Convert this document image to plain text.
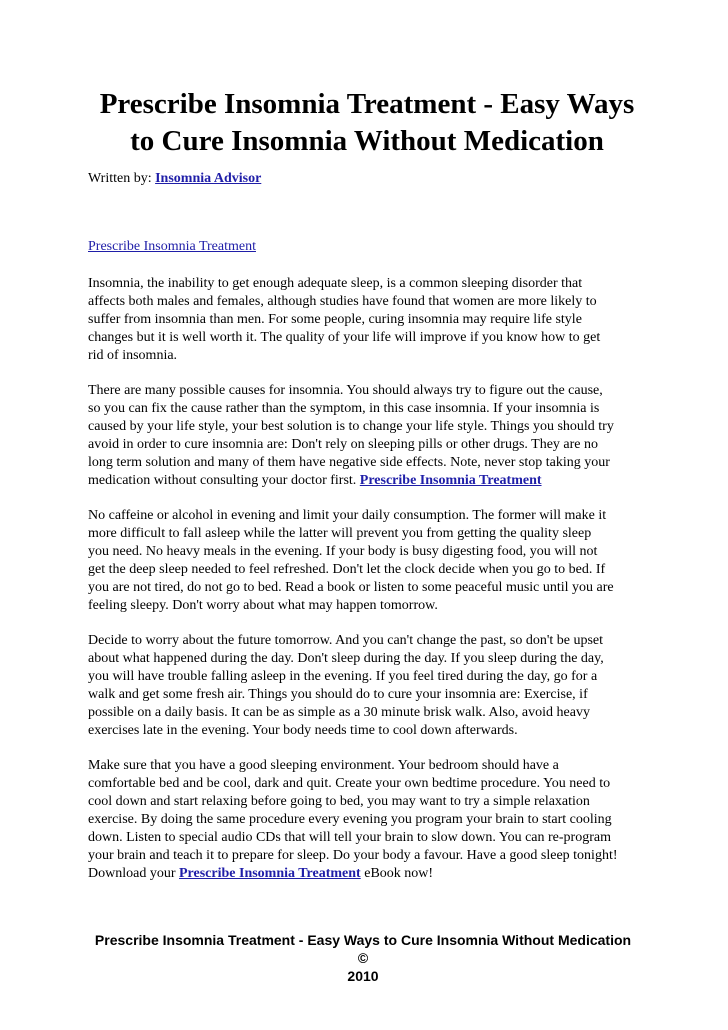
Prescribe Insomnia Treatment - Easy Ways
to Cure Insomnia Without Medication

Written by: Insomnia Advisor

Prescribe Insomnia Treatment

Insomnia, the inability to get enough adequate sleep, is a common sleeping disorder that
affects both males and females, although studies have found that women are more likely to
suffer from insomnia than men. For some people, curing insomnia may require life style
changes but it is well worth it. The quality of your life will improve if you know how to get
rid of insomnia.

There are many possible causes for insomnia. You should always try to figure out the cause,
so you can fix the cause rather than the symptom, in this case insomnia. If your insomnia is
caused by your life style, your best solution is to change your life style. Things you should try
avoid in order to cure insomnia are: Don't rely on sleeping pills or other drugs. They are no
long term solution and many of them have negative side effects. Note, never stop taking your
medication without consulting your doctor first. Prescribe Insomnia Treatment

No caffeine or alcohol in evening and limit your daily consumption. The former will make it
more difficult to fall asleep while the latter will prevent you from getting the quality sleep
you need. No heavy meals in the evening. If your body is busy digesting food, you will not
get the deep sleep needed to feel refreshed. Don't let the clock decide when you go to bed. If
you are not tired, do not go to bed. Read a book or listen to some peaceful music until you are
feeling sleepy. Don't worry about what may happen tomorrow.

Decide to worry about the future tomorrow. And you can't change the past, so don't be upset
about what happened during the day. Don't sleep during the day. If you sleep during the day,
you will have trouble falling asleep in the evening. If you feel tired during the day, go for a
walk and get some fresh air. Things you should do to cure your insomnia are: Exercise, if
possible on a daily basis. It can be as simple as a 30 minute brisk walk. Also, avoid heavy
exercises late in the evening. Your body needs time to cool down afterwards.

Make sure that you have a good sleeping environment. Your bedroom should have a
comfortable bed and be cool, dark and quit. Create your own bedtime procedure. You need to
cool down and start relaxing before going to bed, you may want to try a simple relaxation
exercise. By doing the same procedure every evening you program your brain to start cooling
down. Listen to special audio CDs that will tell your brain to slow down. You can re-program
your brain and teach it to prepare for sleep. Do your body a favour. Have a good sleep tonight!
Download your Prescribe Insomnia Treatment eBook now!

Prescribe Insomnia Treatment - Easy Ways to Cure Insomnia Without Medication ©
2010
